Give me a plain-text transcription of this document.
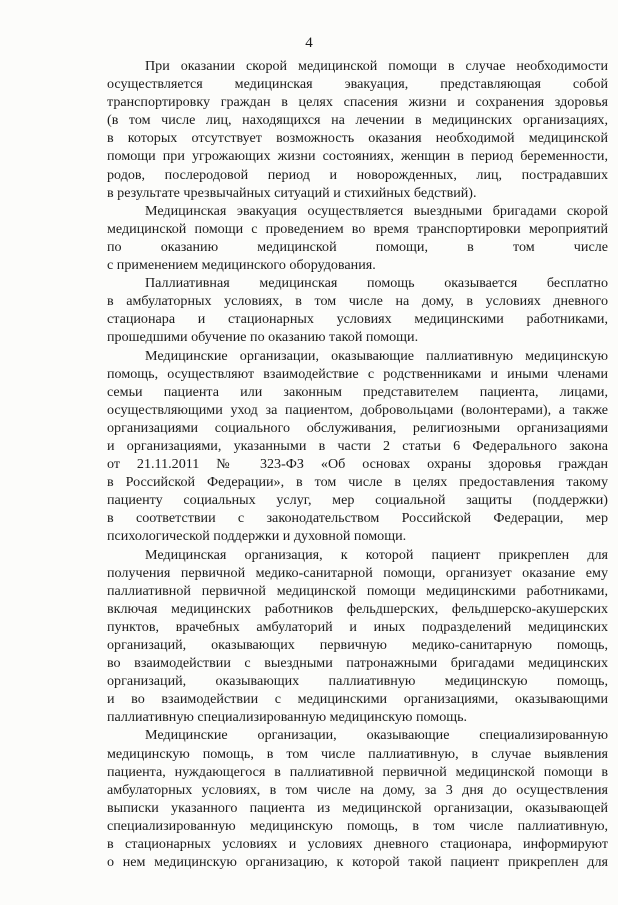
4
При оказании скорой медицинской помощи в случае необходимости
осуществляется медицинская эвакуация, представляющая собой
транспортировку граждан в целях спасения жизни и сохранения здоровья
(в том числе лиц, находящихся на лечении в медицинских организациях,
в которых отсутствует возможность оказания необходимой медицинской
помощи при угрожающих жизни состояниях, женщин в период беременности,
родов, послеродовой период и новорожденных, лиц, пострадавших
в результате чрезвычайных ситуаций и стихийных бедствий).
Медицинская эвакуация осуществляется выездными бригадами скорой
медицинской помощи с проведением во время транспортировки мероприятий
по оказанию медицинской помощи, в том числе
с применением медицинского оборудования.
Паллиативная медицинская помощь оказывается бесплатно
в амбулаторных условиях, в том числе на дому, в условиях дневного
стационара и стационарных условиях медицинскими работниками,
прошедшими обучение по оказанию такой помощи.
Медицинские организации, оказывающие паллиативную медицинскую
помощь, осуществляют взаимодействие с родственниками и иными членами
семьи пациента или законным представителем пациента, лицами,
осуществляющими уход за пациентом, добровольцами (волонтерами), а также
организациями социального обслуживания, религиозными организациями
и организациями, указанными в части 2 статьи 6 Федерального закона
от 21.11.2011 № 323-ФЗ «Об основах охраны здоровья граждан
в Российской Федерации», в том числе в целях предоставления такому
пациенту социальных услуг, мер социальной защиты (поддержки)
в соответствии с законодательством Российской Федерации, мер
психологической поддержки и духовной помощи.
Медицинская организация, к которой пациент прикреплен для
получения первичной медико-санитарной помощи, организует оказание ему
паллиативной первичной медицинской помощи медицинскими работниками,
включая медицинских работников фельдшерских, фельдшерско-акушерских
пунктов, врачебных амбулаторий и иных подразделений медицинских
организаций, оказывающих первичную медико-санитарную помощь,
во взаимодействии с выездными патронажными бригадами медицинских
организаций, оказывающих паллиативную медицинскую помощь,
и во взаимодействии с медицинскими организациями, оказывающими
паллиативную специализированную медицинскую помощь.
Медицинские организации, оказывающие специализированную
медицинскую помощь, в том числе паллиативную, в случае выявления
пациента, нуждающегося в паллиативной первичной медицинской помощи в
амбулаторных условиях, в том числе на дому, за 3 дня до осуществления
выписки указанного пациента из медицинской организации, оказывающей
специализированную медицинскую помощь, в том числе паллиативную,
в стационарных условиях и условиях дневного стационара, информируют
о нем медицинскую организацию, к которой такой пациент прикреплен для
